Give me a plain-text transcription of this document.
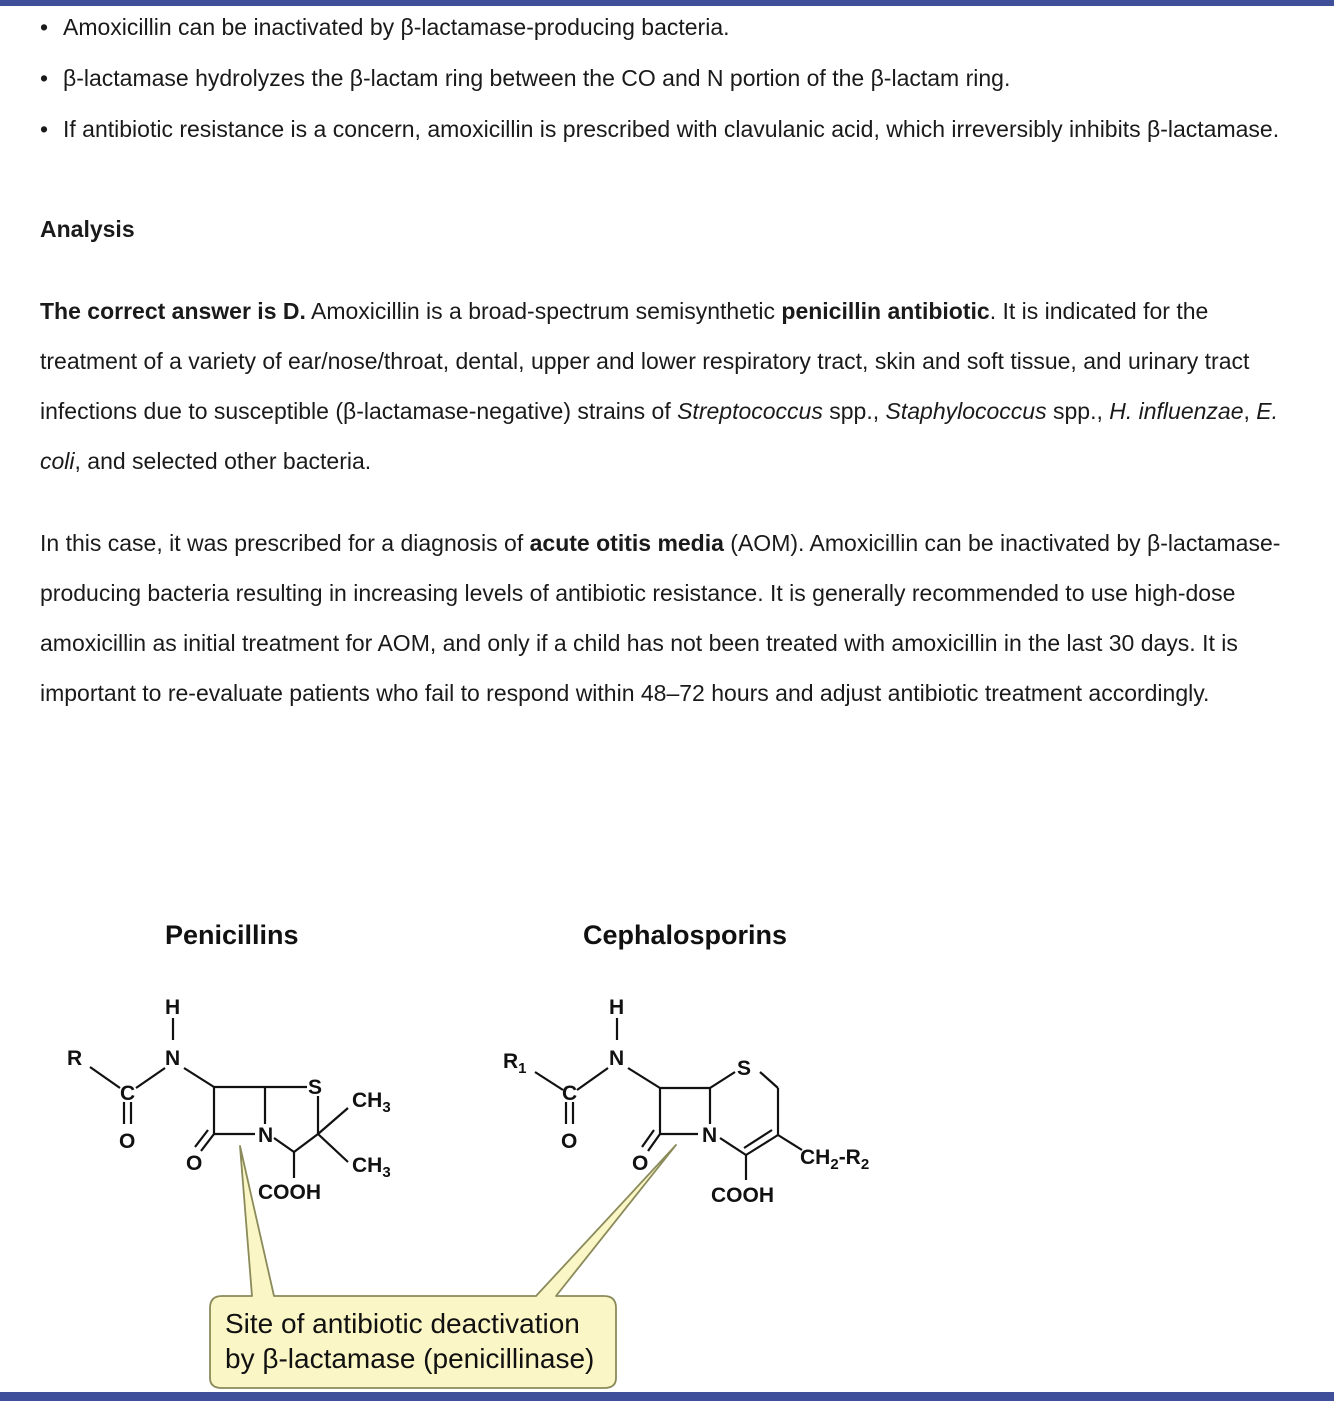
• Amoxicillin can be inactivated by β-lactamase-producing bacteria.
• β-lactamase hydrolyzes the β-lactam ring between the CO and N portion of the β-lactam ring.
• If antibiotic resistance is a concern, amoxicillin is prescribed with clavulanic acid, which irreversibly inhibits β-lactamase.
Analysis

The correct answer is D. Amoxicillin is a broad-spectrum semisynthetic penicillin antibiotic. It is indicated for the treatment of a variety of ear/nose/throat, dental, upper and lower respiratory tract, skin and soft tissue, and urinary tract infections due to susceptible (β-lactamase-negative) strains of Streptococcus spp., Staphylococcus spp., H. influenzae, E. coli, and selected other bacteria.

In this case, it was prescribed for a diagnosis of acute otitis media (AOM). Amoxicillin can be inactivated by β-lactamase-producing bacteria resulting in increasing levels of antibiotic resistance. It is generally recommended to use high-dose amoxicillin as initial treatment for AOM, and only if a child has not been treated with amoxicillin in the last 30 days. It is important to re-evaluate patients who fail to respond within 48–72 hours and adjust antibiotic treatment accordingly.

Penicillins
R
H
N
C
O
O
N
S
$CH_3$
$CH_3$
COOH
Cephalosporins
$R_1$
H
N
C
O
O
N
S
$CH_2-R_2$
COOH
Site of antibiotic deactivation
by β-lactamase (penicillinase)
